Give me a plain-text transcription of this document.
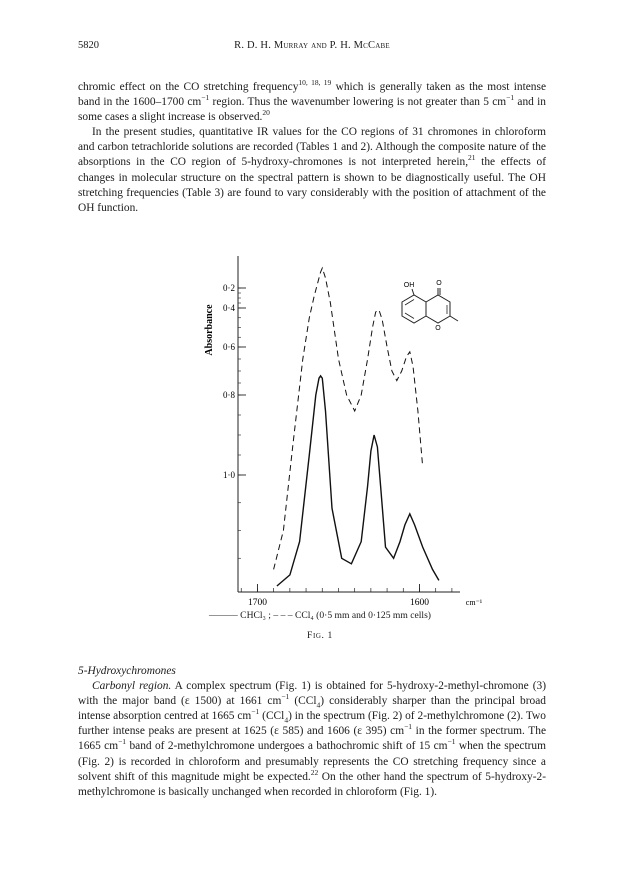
5820	R. D. H. Murray and P. H. McCabe

chromic effect on the CO stretching frequency$^{10, 18, 19}$ which is generally taken as the most intense band in the 1600–1700 $cm^{-1}$ region. Thus the wavenumber lowering is not greater than 5 $cm^{-1}$ and in some cases a slight increase is observed.$^{20}$

In the present studies, quantitative IR values for the CO regions of 31 chromones in chloroform and carbon tetrachloride solutions are recorded (Tables 1 and 2). Although the composite nature of the absorptions in the CO region of 5-hydroxy-chromones is not interpreted herein,$^{21}$ the effects of changes in molecular structure on the spectral pattern is shown to be diagnostically useful. The OH stretching frequencies (Table 3) are found to vary considerably with the position of attachment of the OH function.

1·0
0·8
0·6
0·4
0·2
1700	1600	cm⁻¹
Absorbance
OH	O
O
——— CHCl₃ ; – – – CCl₄ (0·5 mm and 0·125 mm cells)
Fig. 1

5-Hydroxychromones

Carbonyl region. A complex spectrum (Fig. 1) is obtained for 5-hydroxy-2-methyl-chromone (3) with the major band (ε 1500) at 1661 $cm^{-1}$ (CCl$_4$) considerably sharper than the principal broad intense absorption centred at 1665 $cm^{-1}$ (CCl$_4$) in the spectrum (Fig. 2) of 2-methylchromone (2). Two further intense peaks are present at 1625 (ε 585) and 1606 (ε 395) $cm^{-1}$ in the former spectrum. The 1665 $cm^{-1}$ band of 2-methylchromone undergoes a bathochromic shift of 15 $cm^{-1}$ when the spectrum (Fig. 2) is recorded in chloroform and presumably represents the CO stretching frequency since a solvent shift of this magnitude might be expected.$^{22}$ On the other hand the spectrum of 5-hydroxy-2-methylchromone is basically unchanged when recorded in chloroform (Fig. 1).
